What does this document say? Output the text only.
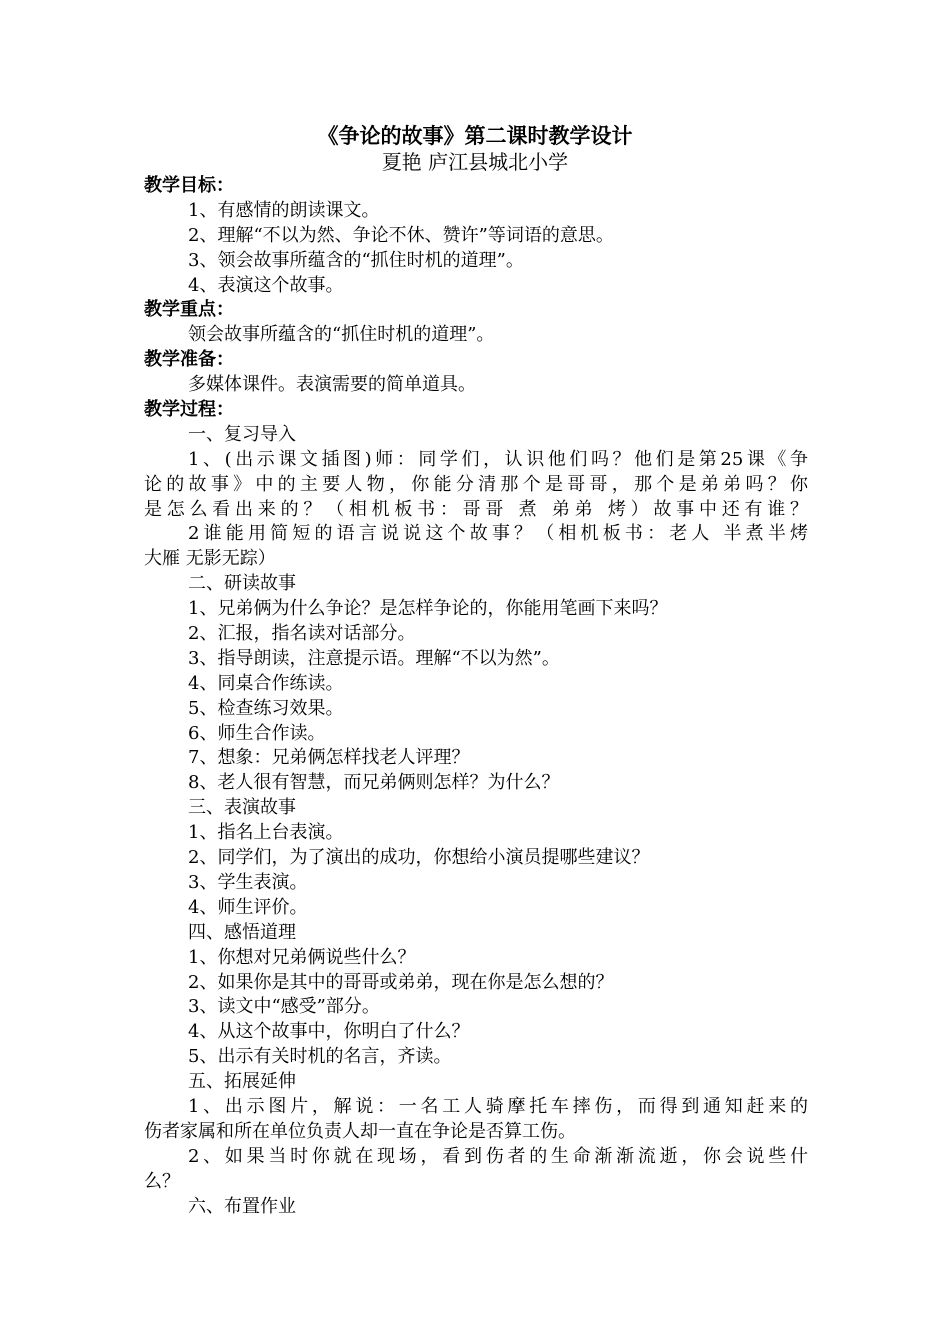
《争论的故事》第二课时教学设计
夏艳 庐江县城北小学
教学目标：
1、有感情的朗读课文。
2、理解“不以为然、争论不休、赞许”等词语的意思。
3、领会故事所蕴含的“抓住时机的道理”。
4、表演这个故事。
教学重点：
领会故事所蕴含的“抓住时机的道理”。
教学准备：
多媒体课件。表演需要的简单道具。
教学过程：
一、复习导入
1、(出示课文插图)师：同学们，认识他们吗？他们是第25课《争
论的故事》中的主要人物，你能分清那个是哥哥，那个是弟弟吗？你
是怎么看出来的？（相机板书：哥哥 煮 弟弟 烤）故事中还有谁？
2谁能用简短的语言说说这个故事？（相机板书：老人 半煮半烤
大雁 无影无踪）
二、研读故事
1、兄弟俩为什么争论？是怎样争论的，你能用笔画下来吗？
2、汇报，指名读对话部分。
3、指导朗读，注意提示语。理解“不以为然”。
4、同桌合作练读。
5、检查练习效果。
6、师生合作读。
7、想象：兄弟俩怎样找老人评理？
8、老人很有智慧，而兄弟俩则怎样？为什么？
三、表演故事
1、指名上台表演。
2、同学们，为了演出的成功，你想给小演员提哪些建议？
3、学生表演。
4、师生评价。
四、感悟道理
1、你想对兄弟俩说些什么？
2、如果你是其中的哥哥或弟弟，现在你是怎么想的？
3、读文中“感受”部分。
4、从这个故事中，你明白了什么？
5、出示有关时机的名言，齐读。
五、拓展延伸
1、出示图片，解说：一名工人骑摩托车摔伤，而得到通知赶来的
伤者家属和所在单位负责人却一直在争论是否算工伤。
2、如果当时你就在现场，看到伤者的生命渐渐流逝，你会说些什
么？
六、布置作业
